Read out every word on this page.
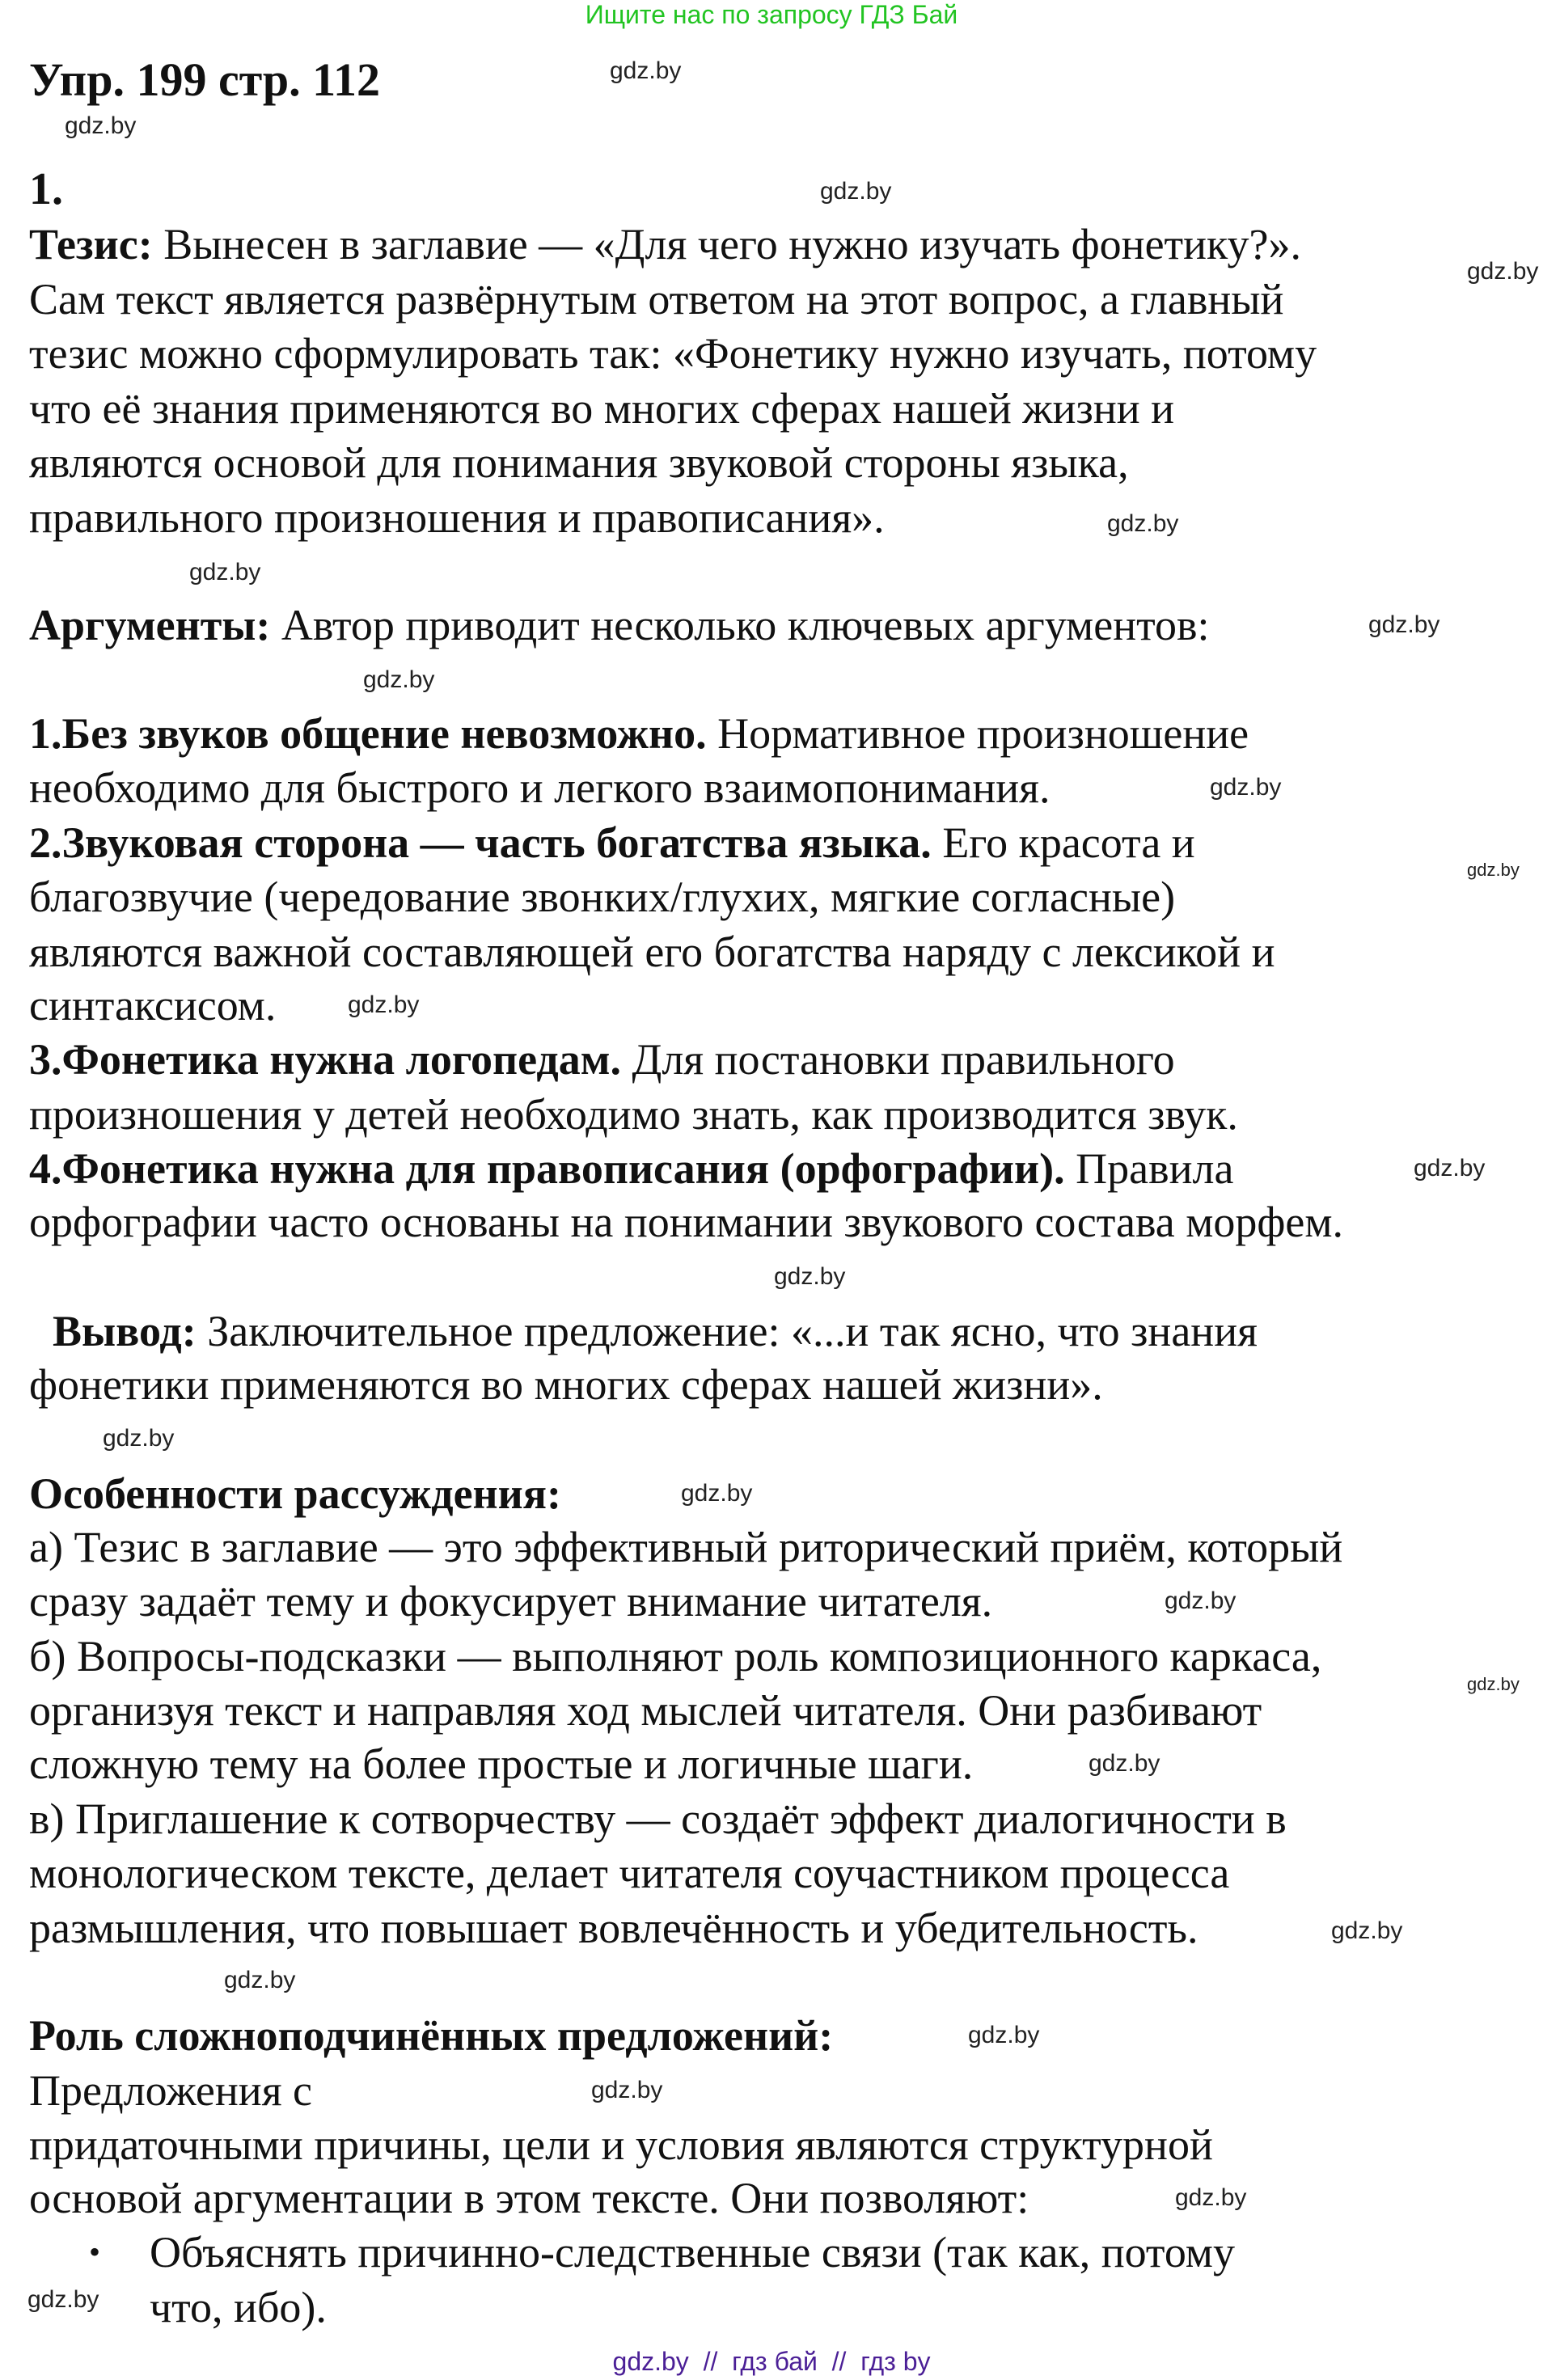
Ищите нас по запросу ГДЗ Бай
Упр. 199 стр. 112
1.
Тезис: Вынесен в заглавие — «Для чего нужно изучать фонетику?».
Сам текст является развёрнутым ответом на этот вопрос, а главный
тезис можно сформулировать так: «Фонетику нужно изучать, потому
что её знания применяются во многих сферах нашей жизни и
являются основой для понимания звуковой стороны языка,
правильного произношения и правописания».
Аргументы: Автор приводит несколько ключевых аргументов:
1.Без звуков общение невозможно. Нормативное произношение
необходимо для быстрого и легкого взаимопонимания.
2.Звуковая сторона — часть богатства языка. Его красота и
благозвучие (чередование звонких/глухих, мягкие согласные)
являются важной составляющей его богатства наряду с лексикой и
синтаксисом.
3.Фонетика нужна логопедам. Для постановки правильного
произношения у детей необходимо знать, как производится звук.
4.Фонетика нужна для правописания (орфографии). Правила
орфографии часто основаны на понимании звукового состава морфем.
Вывод: Заключительное предложение: «...и так ясно, что знания
фонетики применяются во многих сферах нашей жизни».
Особенности рассуждения:
а) Тезис в заглавие — это эффективный риторический приём, который
сразу задаёт тему и фокусирует внимание читателя.
б) Вопросы-подсказки — выполняют роль композиционного каркаса,
организуя текст и направляя ход мыслей читателя. Они разбивают
сложную тему на более простые и логичные шаги.
в) Приглашение к сотворчеству — создаёт эффект диалогичности в
монологическом тексте, делает читателя соучастником процесса
размышления, что повышает вовлечённость и убедительность.
Роль сложноподчинённых предложений:
Предложения с
придаточными причины, цели и условия являются структурной
основой аргументации в этом тексте. Они позволяют:
Объяснять причинно-следственные связи (так как, потому
•
что, ибо).
gdz.by
gdz.by
gdz.by
gdz.by
gdz.by
gdz.by
gdz.by
gdz.by
gdz.by
gdz.by
gdz.by
gdz.by
gdz.by
gdz.by
gdz.by
gdz.by
gdz.by
gdz.by
gdz.by
gdz.by
gdz.by
gdz.by
gdz.by
gdz.by
gdz.by  //  гдз бай  //  гдз by
